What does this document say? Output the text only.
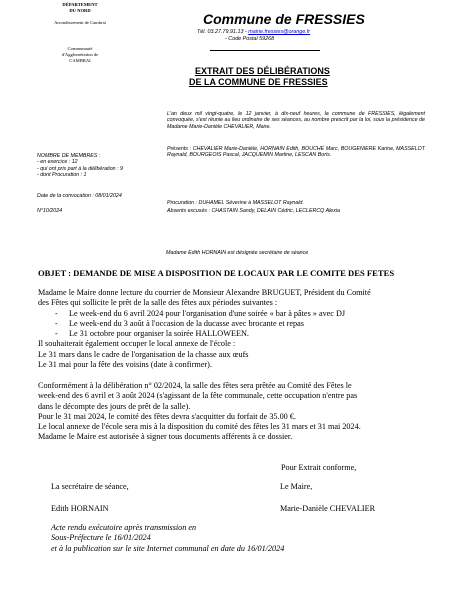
DÉPARTEMENT
DU NORD
Arrondissement de Cambrai
Communauté
d'Agglomération de
CAMBRAI
Commune de FRESSIES
Tél. 03.27.79.91.13 - mairie.fressies@orange.fr
- Code Postal 59268
EXTRAIT DES DÉLIBÉRATIONS
DE LA COMMUNE DE FRESSIES
L'an deux mil vingt-quatre, le 12 janvier, à dix-neuf heures, la commune de FRESSIES, légalement convoquée, s'est réunie au lieu ordinaire de ses séances, au nombre prescrit par la loi, sous la présidence de Madame Marie-Danièle CHEVALIER, Maire.
NOMBRE DE MEMBRES :
- en exercice : 12
- qui ont pris part à la délibération : 9
- dont Procuration : 1
Présents : CHEVALIER Marie-Danièle, HORNAIN Edith, BOUCHÉ Marc, BOUGENIERE Karine, MASSELOT Raynald, BOURGEOIS Pascal, JACQUEMIN Martine, LESCAN Boris.
Date de la convocation : 08/01/2024
Procuration : DUHAMEL Séverine à MASSELOT Raynald.
N°10/2024	Absents excusés : CHASTAIN Sandy, DELAIN Cédric, LECLERCQ Alexia
Madame Edith HORNAIN est désignée secrétaire de séance
OBJET : DEMANDE DE MISE A DISPOSITION DE LOCAUX PAR LE COMITE DES FETES
Madame le Maire donne lecture du courrier de Monsieur Alexandre BRUGUET, Président du Comité
des Fêtes qui sollicite le prêt de la salle des fêtes aux périodes suivantes :
- Le week-end du 6 avril 2024 pour l'organisation d'une soirée « bar à pâtes » avec DJ
- Le week-end du 3 août à l'occasion de la ducasse avec brocante et repas
- Le 31 octobre pour organiser la soirée HALLOWEEN.
Il souhaiterait également occuper le local annexe de l'école :
Le 31 mars dans le cadre de l'organisation de la chasse aux œufs
Le 31 mai pour la fête des voisins (date à confirmer).
Conformément à la délibération n° 02/2024, la salle des fêtes sera prêtée au Comité des Fêtes le
week-end des 6 avril et 3 août 2024 (s'agissant de la fête communale, cette occupation n'entre pas
dans le décompte des jours de prêt de la salle).
Pour le 31 mai 2024, le comité des fêtes devra s'acquitter du forfait de 35.00 €.
Le local annexe de l'école sera mis à la disposition du comité des fêtes les 31 mars et 31 mai 2024.
Madame le Maire est autorisée à signer tous documents afférents à ce dossier.
Pour Extrait conforme,
La secrétaire de séance,	Le Maire,
Edith HORNAIN	Marie-Danièle CHEVALIER
Acte rendu exécutoire après transmission en
Sous-Préfecture le 16/01/2024
et à la publication sur le site Internet communal en date du 16/01/2024
